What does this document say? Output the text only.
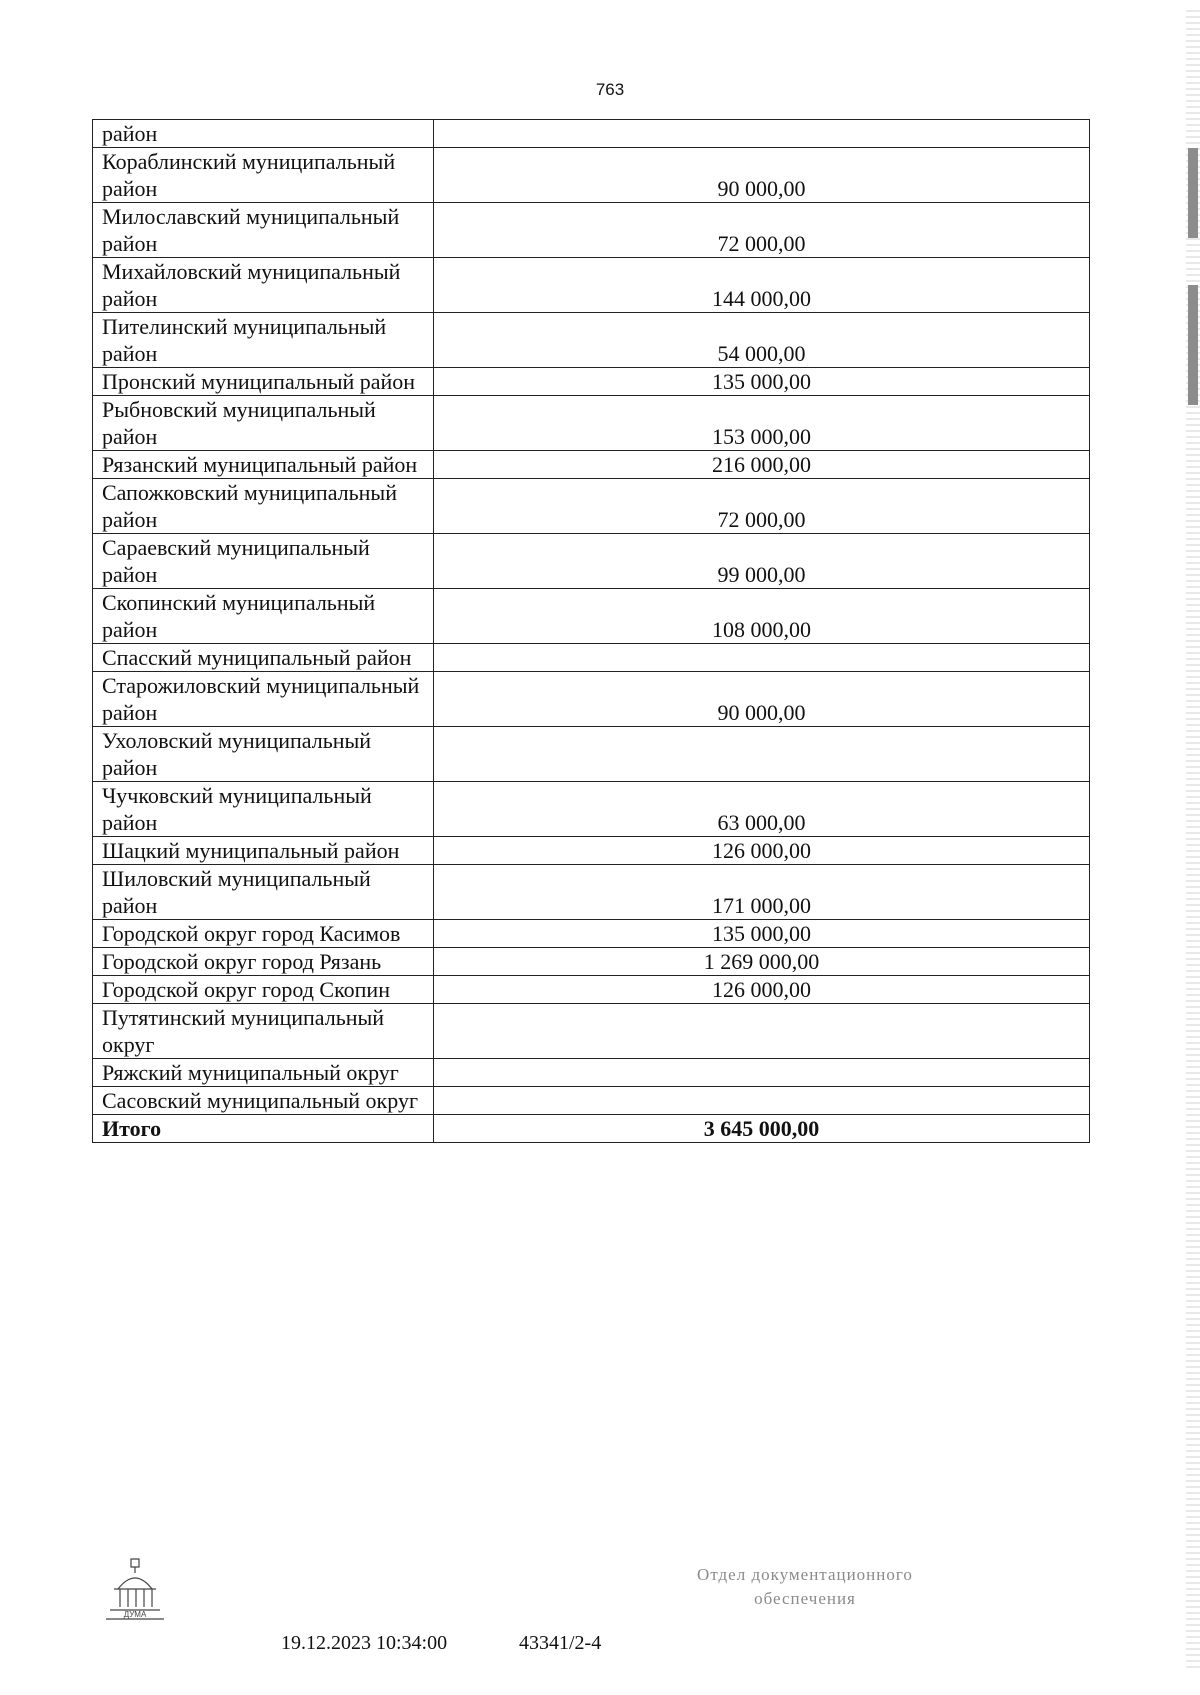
763
район	
Кораблинский муниципальный район	90 000,00
Милославский муниципальный район	72 000,00
Михайловский муниципальный район	144 000,00
Пителинский муниципальный район	54 000,00
Пронский муниципальный район	135 000,00
Рыбновский муниципальный район	153 000,00
Рязанский муниципальный район	216 000,00
Сапожковский муниципальный район	72 000,00
Сараевский муниципальный район	99 000,00
Скопинский муниципальный район	108 000,00
Спасский муниципальный район	
Старожиловский муниципальный район	90 000,00
Ухоловский муниципальный район	
Чучковский муниципальный район	63 000,00
Шацкий муниципальный район	126 000,00
Шиловский муниципальный район	171 000,00
Городской округ город Касимов	135 000,00
Городской округ город Рязань	1 269 000,00
Городской округ город Скопин	126 000,00
Путятинский муниципальный округ	
Ряжский муниципальный округ	
Сасовский муниципальный округ	
Итого	3 645 000,00
ДУМА
19.12.2023 10:34:00	43341/2-4
Отдел документационного
обеспечения
